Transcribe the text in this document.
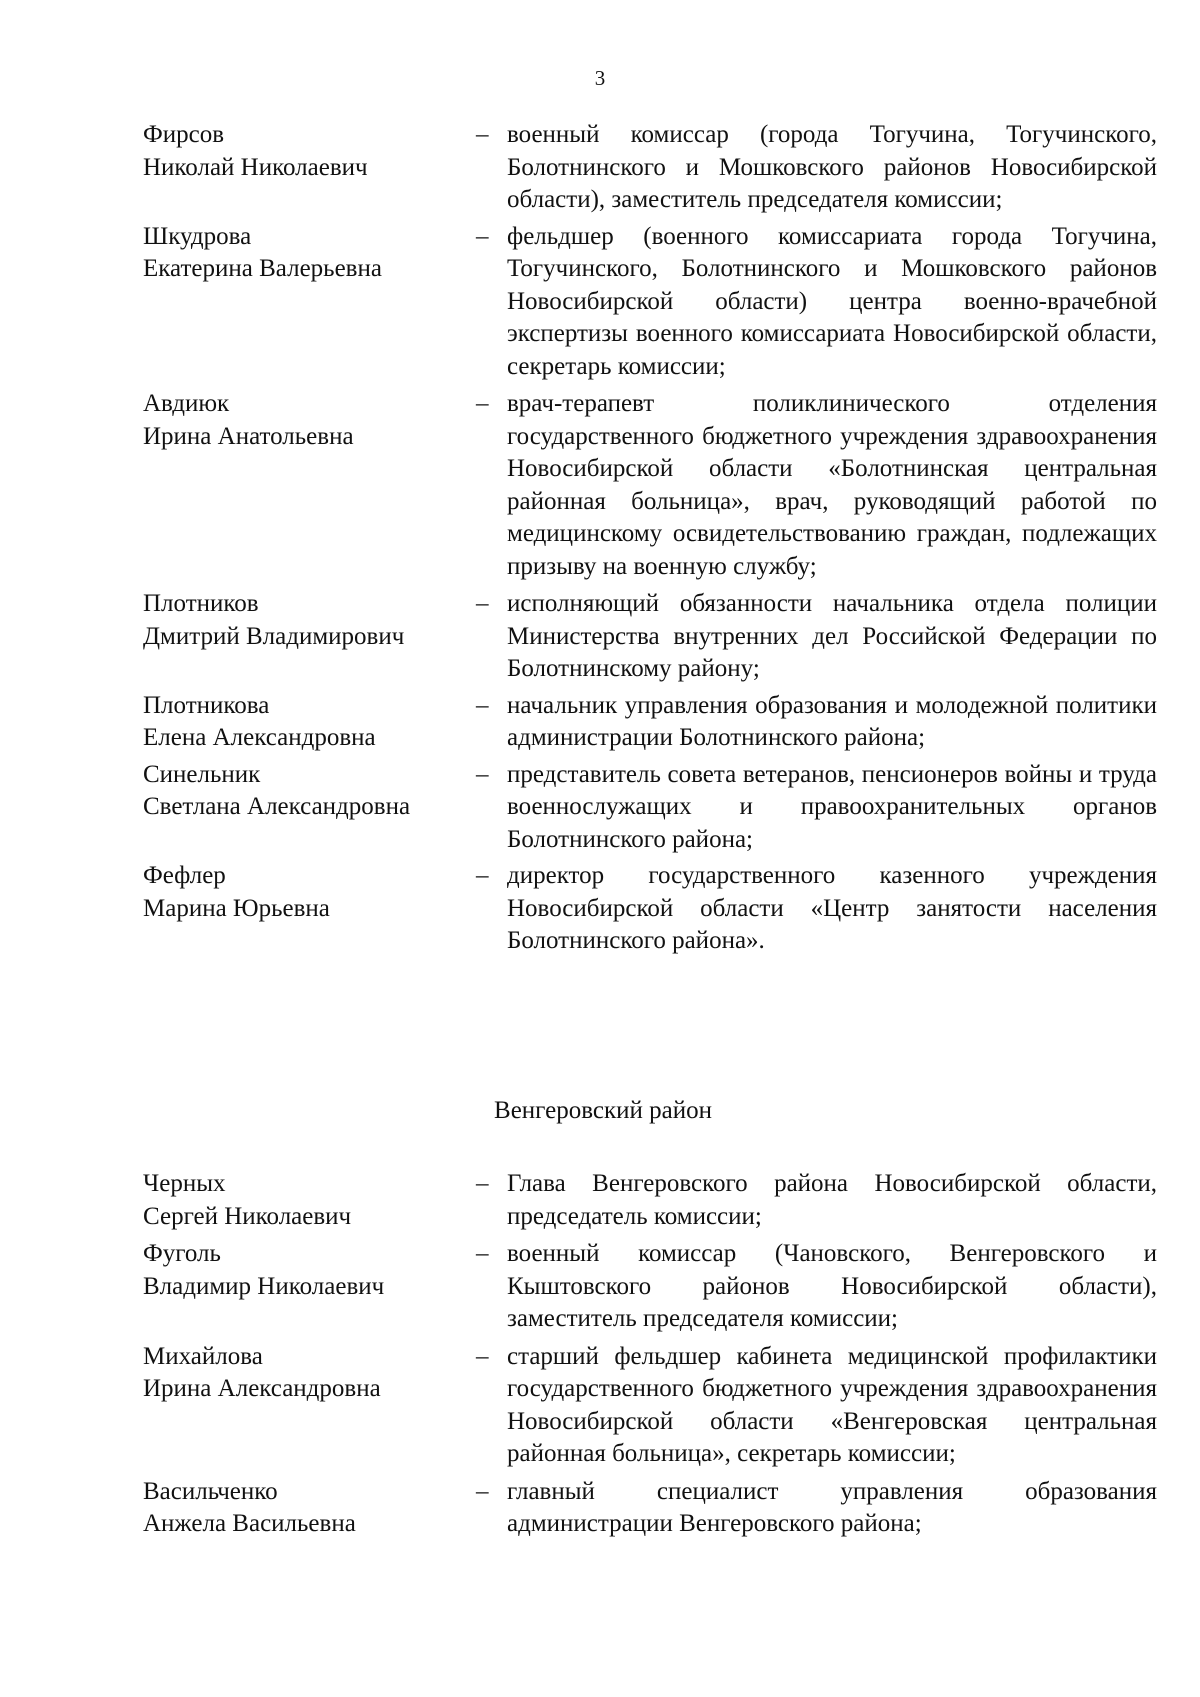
3
Фирсов
Николай Николаевич
– военный комиссар (города Тогучина, Тогучинского, Болотнинского и Мошковского районов Новосибирской области), заместитель председателя комиссии;
Шкудрова
Екатерина Валерьевна
– фельдшер (военного комиссариата города Тогучина, Тогучинского, Болотнинского и Мошковского районов Новосибирской области) центра военно-врачебной экспертизы военного комиссариата Новосибирской области, секретарь комиссии;
Авдиюк
Ирина Анатольевна
– врач-терапевт поликлинического отделения государственного бюджетного учреждения здравоохранения Новосибирской области «Болотнинская центральная районная больница», врач, руководящий работой по медицинскому освидетельствованию граждан, подлежащих призыву на военную службу;
Плотников
Дмитрий Владимирович
– исполняющий обязанности начальника отдела полиции Министерства внутренних дел Российской Федерации по Болотнинскому району;
Плотникова
Елена Александровна
– начальник управления образования и молодежной политики администрации Болотнинского района;
Синельник
Светлана Александровна
– представитель совета ветеранов, пенсионеров войны и труда военнослужащих и правоохранительных органов Болотнинского района;
Фефлер
Марина Юрьевна
– директор государственного казенного учреждения Новосибирской области «Центр занятости населения Болотнинского района».
Венгеровский район
Черных
Сергей Николаевич
– Глава Венгеровского района Новосибирской области, председатель комиссии;
Фуголь
Владимир Николаевич
– военный комиссар (Чановского, Венгеровского и Кыштовского районов Новосибирской области), заместитель председателя комиссии;
Михайлова
Ирина Александровна
– старший фельдшер кабинета медицинской профилактики государственного бюджетного учреждения здравоохранения Новосибирской области «Венгеровская центральная районная больница», секретарь комиссии;
Васильченко
Анжела Васильевна
– главный специалист управления образования администрации Венгеровского района;
